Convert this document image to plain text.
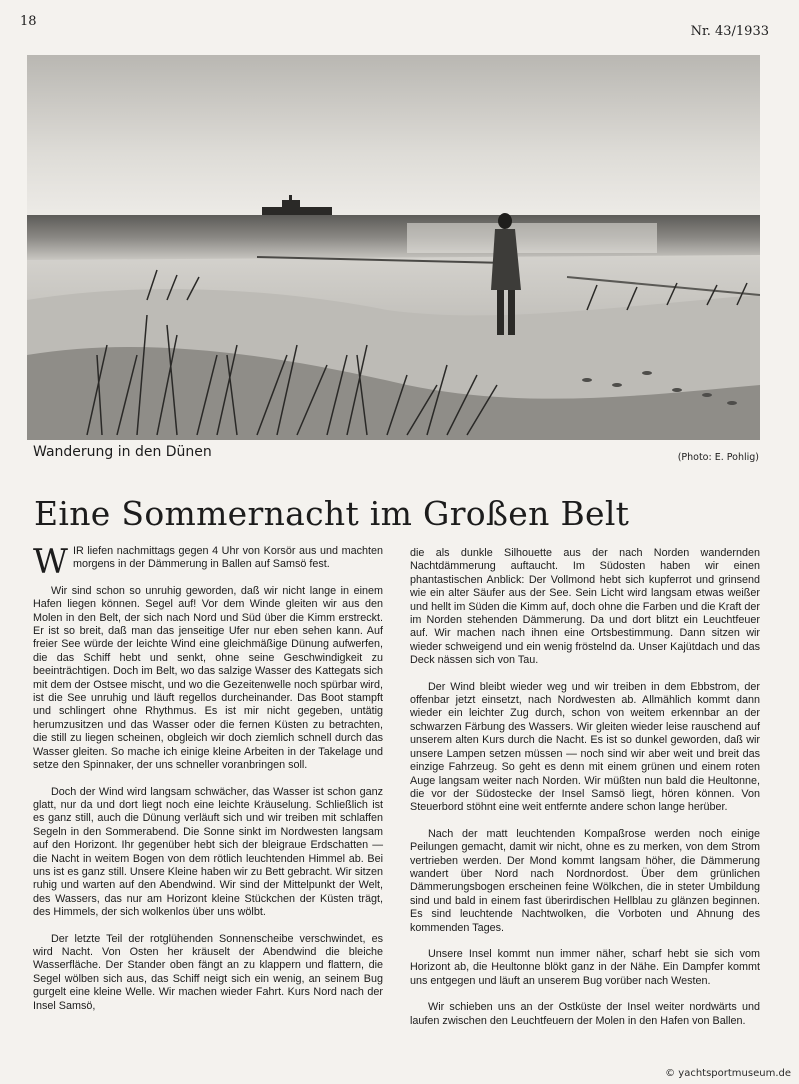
18
Nr. 43/1933
Wanderung in den Dünen	(Photo: E. Pohlig)
Eine Sommernacht im Großen Belt

WIR liefen nachmittags gegen 4 Uhr von Korsör aus und machten morgens in der Dämmerung in Ballen auf Samsö fest.

Wir sind schon so unruhig geworden, daß wir nicht lange in einem Hafen liegen können. Segel auf! Vor dem Winde gleiten wir aus den Molen in den Belt, der sich nach Nord und Süd über die Kimm erstreckt. Er ist so breit, daß man das jenseitige Ufer nur eben sehen kann. Auf freier See würde der leichte Wind eine gleichmäßige Dünung aufwerfen, die das Schiff hebt und senkt, ohne seine Geschwindigkeit zu beeinträchtigen. Doch im Belt, wo das salzige Wasser des Kattegats sich mit dem der Ostsee mischt, und wo die Gezeitenwelle noch spürbar wird, ist die See unruhig und läuft regellos durcheinander. Das Boot stampft und schlingert ohne Rhythmus. Es ist mir nicht gegeben, untätig herumzusitzen und das Wasser oder die fernen Küsten zu betrachten, die still zu liegen scheinen, obgleich wir doch ziemlich schnell durch das Wasser gleiten. So mache ich einige kleine Arbeiten in der Takelage und setze den Spinnaker, der uns schneller voranbringen soll.

Doch der Wind wird langsam schwächer, das Wasser ist schon ganz glatt, nur da und dort liegt noch eine leichte Kräuselung. Schließlich ist es ganz still, auch die Dünung verläuft sich und wir treiben mit schlaffen Segeln in den Sommerabend. Die Sonne sinkt im Nordwesten langsam auf den Horizont. Ihr gegenüber hebt sich der bleigraue Erdschatten — die Nacht in weitem Bogen von dem rötlich leuchtenden Himmel ab. Bei uns ist es ganz still. Unsere Kleine haben wir zu Bett gebracht. Wir sitzen ruhig und warten auf den Abendwind. Wir sind der Mittelpunkt der Welt, des Wassers, das nur am Horizont kleine Stückchen der Küsten trägt, des Himmels, der sich wolkenlos über uns wölbt.

Der letzte Teil der rotglühenden Sonnenscheibe verschwindet, es wird Nacht. Von Osten her kräuselt der Abendwind die bleiche Wasserfläche. Der Stander oben fängt an zu klappern und flattern, die Segel wölben sich aus, das Schiff neigt sich ein wenig, an seinem Bug gurgelt eine kleine Welle. Wir machen wieder Fahrt. Kurs Nord nach der Insel Samsö,

die als dunkle Silhouette aus der nach Norden wandernden Nachtdämmerung auftaucht. Im Südosten haben wir einen phantastischen Anblick: Der Vollmond hebt sich kupferrot und grinsend wie ein alter Säufer aus der See. Sein Licht wird langsam etwas weißer und hellt im Süden die Kimm auf, doch ohne die Farben und die Kraft der im Norden stehenden Dämmerung. Da und dort blitzt ein Leuchtfeuer auf. Wir machen nach ihnen eine Ortsbestimmung. Dann sitzen wir wieder schweigend und ein wenig fröstelnd da. Unser Kajütdach und das Deck nässen sich von Tau.

Der Wind bleibt wieder weg und wir treiben in dem Ebbstrom, der offenbar jetzt einsetzt, nach Nordwesten ab. Allmählich kommt dann wieder ein leichter Zug durch, schon von weitem erkennbar an der schwarzen Färbung des Wassers. Wir gleiten wieder leise rauschend auf unserem alten Kurs durch die Nacht. Es ist so dunkel geworden, daß wir unsere Lampen setzen müssen — noch sind wir aber weit und breit das einzige Fahrzeug. So geht es denn mit einem grünen und einem roten Auge langsam weiter nach Norden. Wir müßten nun bald die Heultonne, die vor der Südostecke der Insel Samsö liegt, hören können. Von Steuerbord stöhnt eine weit entfernte andere schon lange herüber.

Nach der matt leuchtenden Kompaßrose werden noch einige Peilungen gemacht, damit wir nicht, ohne es zu merken, von dem Strom vertrieben werden. Der Mond kommt langsam höher, die Dämmerung wandert über Nord nach Nordnordost. Über dem grünlichen Dämmerungsbogen erscheinen feine Wölkchen, die in steter Umbildung sind und bald in einem fast überirdischen Hellblau zu glänzen beginnen. Es sind leuchtende Nachtwolken, die Vorboten und Ahnung des kommenden Tages.

Unsere Insel kommt nun immer näher, scharf hebt sie sich vom Horizont ab, die Heultonne blökt ganz in der Nähe. Ein Dampfer kommt uns entgegen und läuft an unserem Bug vorüber nach Westen.

Wir schieben uns an der Ostküste der Insel weiter nordwärts und laufen zwischen den Leuchtfeuern der Molen in den Hafen von Ballen.

© yachtsportmuseum.de
